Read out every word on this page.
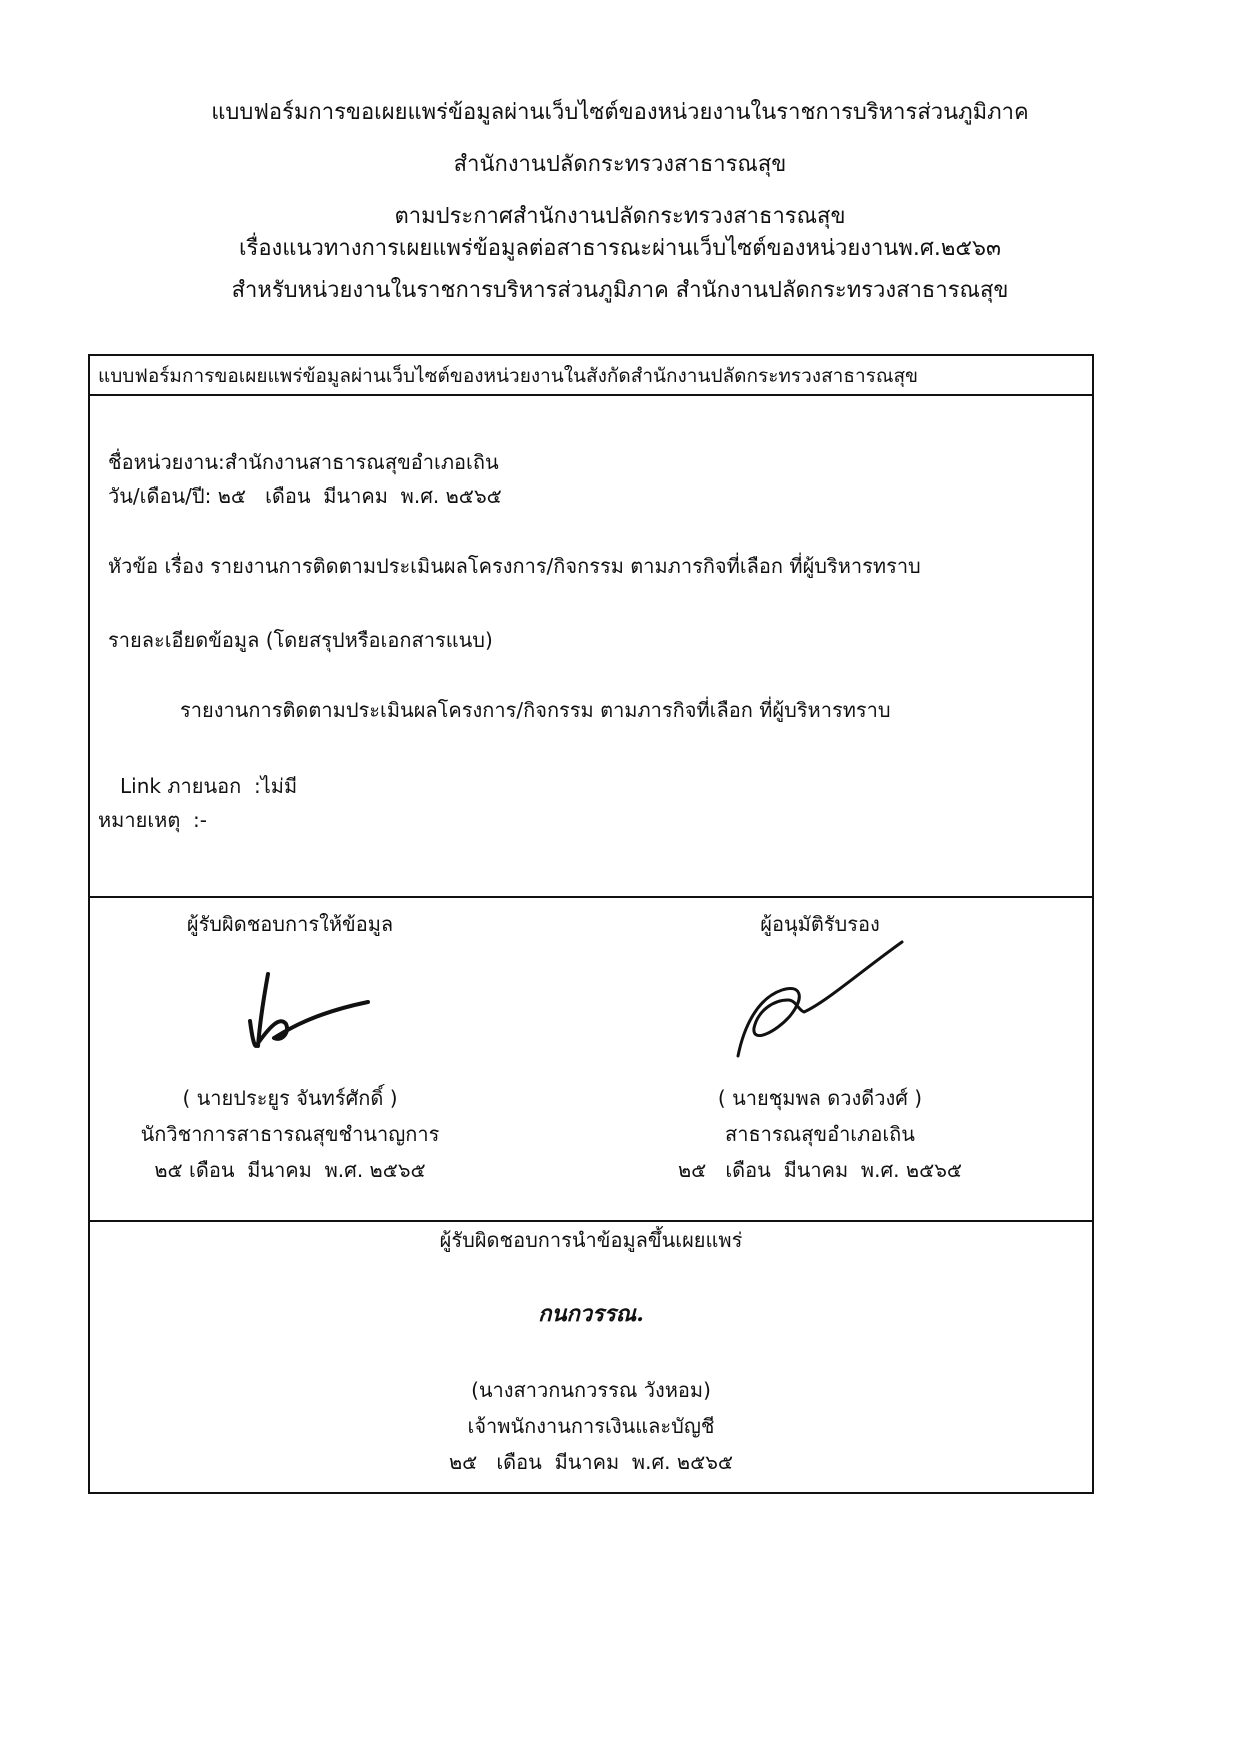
แบบฟอร์มการขอเผยแพร่ข้อมูลผ่านเว็บไซต์ของหน่วยงานในราชการบริหารส่วนภูมิภาค
สำนักงานปลัดกระทรวงสาธารณสุข
ตามประกาศสำนักงานปลัดกระทรวงสาธารณสุข
เรื่องแนวทางการเผยแพร่ข้อมูลต่อสาธารณะผ่านเว็บไซต์ของหน่วยงานพ.ศ.๒๕๖๓
สำหรับหน่วยงานในราชการบริหารส่วนภูมิภาค สำนักงานปลัดกระทรวงสาธารณสุข
แบบฟอร์มการขอเผยแพร่ข้อมูลผ่านเว็บไซต์ของหน่วยงานในสังกัดสำนักงานปลัดกระทรวงสาธารณสุข
ชื่อหน่วยงาน:สำนักงานสาธารณสุขอำเภอเถิน
วัน/เดือน/ปี: ๒๕   เดือน  มีนาคม  พ.ศ. ๒๕๖๕
หัวข้อ เรื่อง รายงานการติดตามประเมินผลโครงการ/กิจกรรม ตามภารกิจที่เลือก ที่ผู้บริหารทราบ
รายละเอียดข้อมูล (โดยสรุปหรือเอกสารแนบ)
รายงานการติดตามประเมินผลโครงการ/กิจกรรม ตามภารกิจที่เลือก ที่ผู้บริหารทราบ
Link ภายนอก :ไม่มี
หมายเหตุ :-
ผู้รับผิดชอบการให้ข้อมูล
( นายประยูร จันทร์ศักดิ์ )
นักวิชาการสาธารณสุขชำนาญการ
๒๕ เดือน  มีนาคม  พ.ศ. ๒๕๖๕
ผู้อนุมัติรับรอง
( นายชุมพล ดวงดีวงศ์ )
สาธารณสุขอำเภอเถิน
๒๕   เดือน  มีนาคม  พ.ศ. ๒๕๖๕
ผู้รับผิดชอบการนำข้อมูลขึ้นเผยแพร่
กนกวรรณ.
(นางสาวกนกวรรณ วังหอม)
เจ้าพนักงานการเงินและบัญชี
๒๕   เดือน  มีนาคม  พ.ศ. ๒๕๖๕
